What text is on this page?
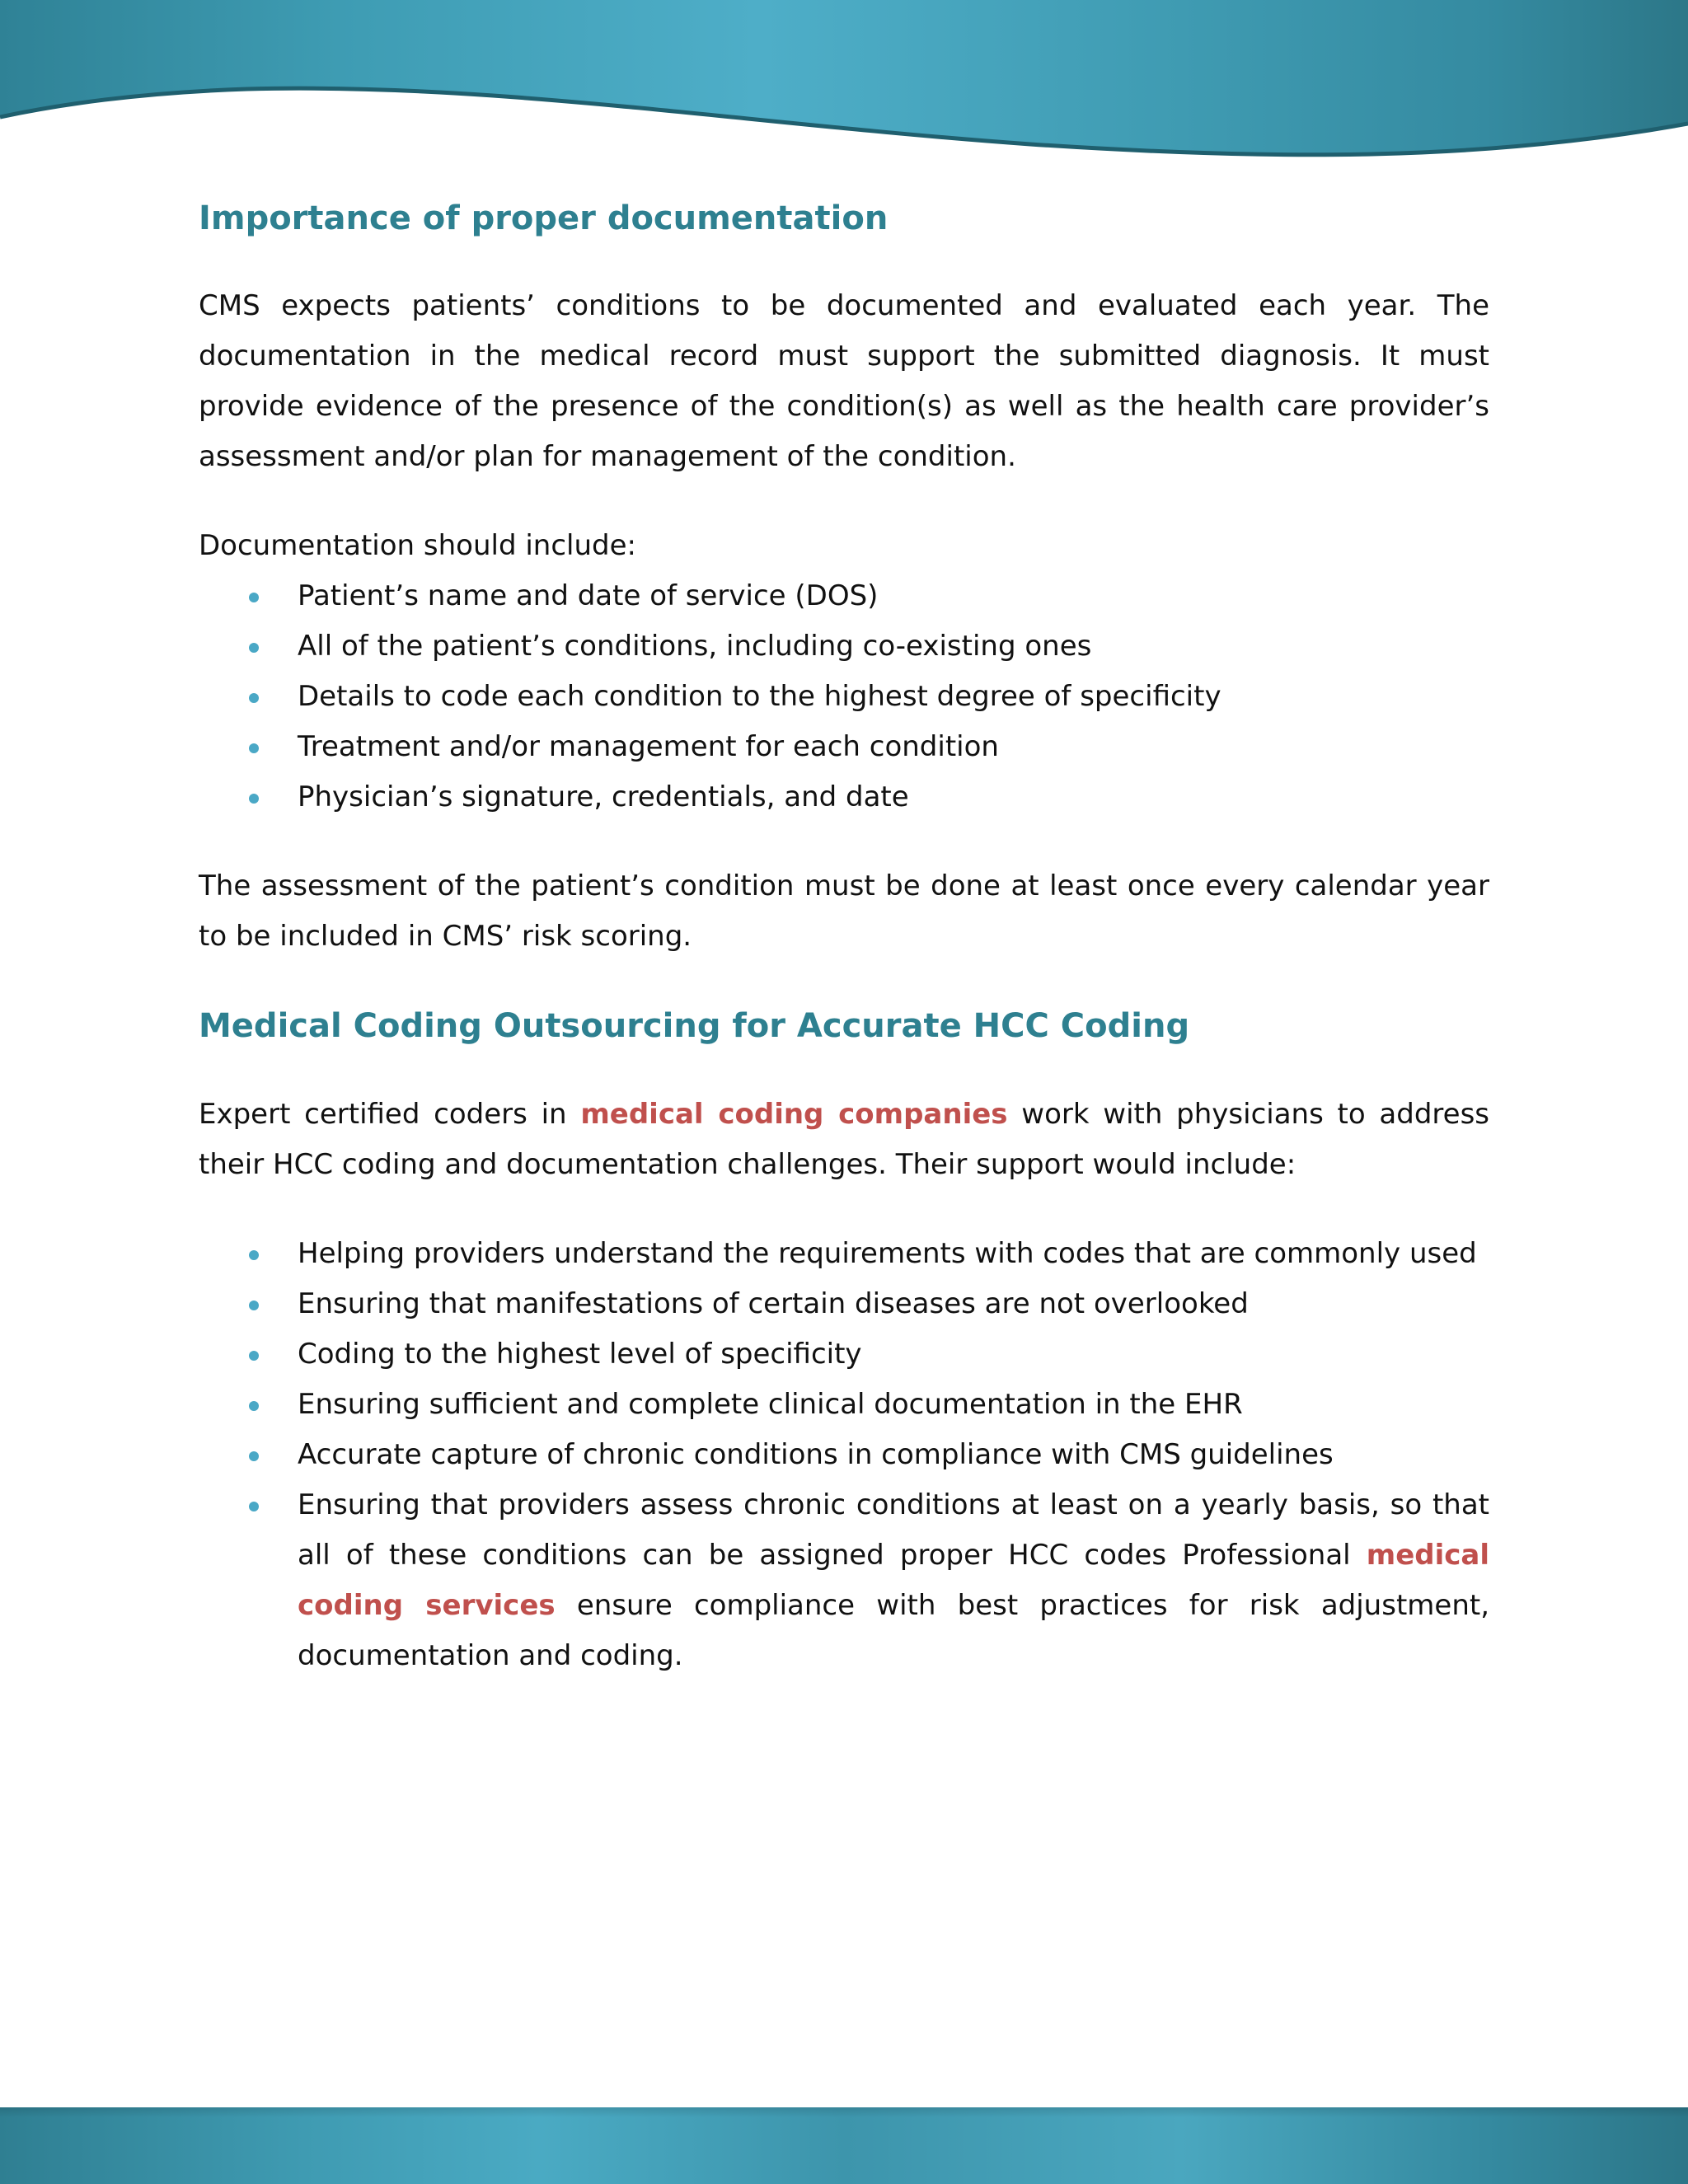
Importance of proper documentation

CMS expects patients’ conditions to be documented and evaluated each year. The documentation in the medical record must support the submitted diagnosis. It must provide evidence of the presence of the condition(s) as well as the health care provider’s assessment and/or plan for management of the condition.

Documentation should include:

Patient’s name and date of service (DOS)
All of the patient’s conditions, including co-existing ones
Details to code each condition to the highest degree of specificity
Treatment and/or management for each condition
Physician’s signature, credentials, and date

The assessment of the patient’s condition must be done at least once every calendar year to be included in CMS’ risk scoring.

Medical Coding Outsourcing for Accurate HCC Coding

Expert certified coders in medical coding companies work with physicians to address their HCC coding and documentation challenges. Their support would include:

Helping providers understand the requirements with codes that are commonly used
Ensuring that manifestations of certain diseases are not overlooked
Coding to the highest level of specificity
Ensuring sufficient and complete clinical documentation in the EHR
Accurate capture of chronic conditions in compliance with CMS guidelines
Ensuring that providers assess chronic conditions at least on a yearly basis, so that all of these conditions can be assigned proper HCC codes Professional medical coding services ensure compliance with best practices for risk adjustment, documentation and coding.
